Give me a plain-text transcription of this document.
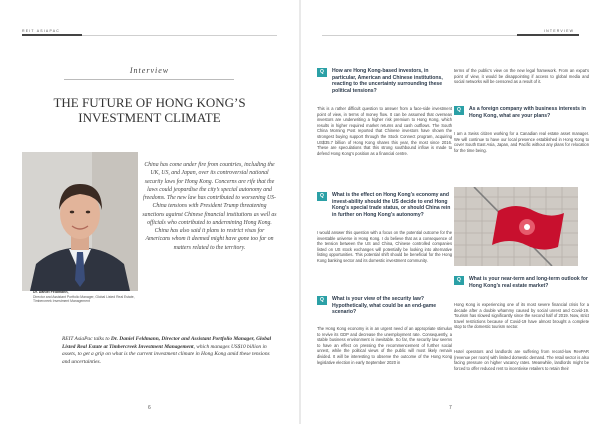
REIT ASIAPAC
Interview
THE FUTURE OF HONG KONG’S
INVESTMENT CLIMATE
Dr. Daniel Feldmann,
Director and Assistant Portfolio Manager, Global Listed Real Estate, Timbercreek Investment Management
China has come under fire from countries, including the UK, US, and Japan, over its controversial national security laws for Hong Kong. Concerns are rife that the laws could jeopardise the city’s special autonomy and freedoms. The new law has contributed to worsening US-China tensions with President Trump threatening sanctions against Chinese financial institutions as well as officials who contributed to undermining Hong Kong. China has also said it plans to restrict visas for Americans whom it deemed might have gone too far on matters related to the territory.
REIT AsiaPac talks to Dr. Daniel Feldmann, Director and Assistant Portfolio Manager, Global Listed Real Estate at Timbercreek Investment Management, which manages US$10 billion in assets, to get a grip on what is the current investment climate in Hong Kong amid these tensions and uncertainties.
6
INTERVIEW
7
Q	How are Hong Kong-based investors, in particular, American and Chinese institutions, reacting to the uncertainty surrounding these political tensions?
This is a rather difficult question to answer from a face-side investment point of view, in terms of money flow. It can be assumed that overseas investors are underwriting a higher risk premium to Hong Kong, which results in higher required market returns and cash outflows. The South China Morning Post reported that Chinese investors have shown the strongest buying support through the Stock Connect program, acquiring US$35.7 billion of Hong Kong shares this year, the most since 2016. These are speculations that this strong southbound inflow is made to defend Hong Kong’s position as a financial centre.
Q	What is the effect on Hong Kong’s economy and invest-ability should the US decide to end Hong Kong’s special trade status, or should China rein in further on Hong Kong’s autonomy?
I would answer this question with a focus on the potential outcome for the investable universe in Hong Kong. I do believe that as a consequence of the tension between the US and China, Chinese controlled companies listed on US stock exchanges will potentially be looking into alternative listing opportunities. This potential shift should be beneficial for the Hong Kong banking sector and its domestic investment community.
Q	What is your view of the security law? Hypothetically, what could be an end-game scenario?
The Hong Kong economy is in an urgent need of an appropriate stimulus to revive its GDP and decrease the unemployment rate. Consequently, a stable business environment is inevitable. So far, the security law seems to have an effect on pressing the recommencement of further social unrest, while the political views of the public will most likely remain divided. It will be interesting to observe the outcome of the Hong Kong legislative election in early September 2020 in
terms of the public’s view on the new legal framework. From an expat’s point of view, it would be disappointing if access to global media and social networks will be censored as a result of it.
Q	As a foreign company with business interests in Hong Kong, what are your plans?
I am a Swiss citizen working for a Canadian real estate asset manager. We will continue to have our local presence established in Hong Kong to cover South East Asia, Japan, and Pacific without any plans for relocation for the time being.
Q	What is your near-term and long-term outlook for Hong Kong’s real estate market?
Hong Kong is experiencing one of its most severe financial crisis for a decade after a double whammy caused by social unrest and Covid-19. Tourism has slowed significantly since the second half of 2019. Now, strict travel restrictions because of Covid-19 have almost brought a complete stop to the domestic tourism sector.
Hotel operators and landlords are suffering from record-low RevPAR (revenue per room) with limited domestic demand. The retail sector is also facing pressure on higher vacancy rates. Meanwhile, landlords might be forced to offer reduced rent to incentivise retailers to retain their
